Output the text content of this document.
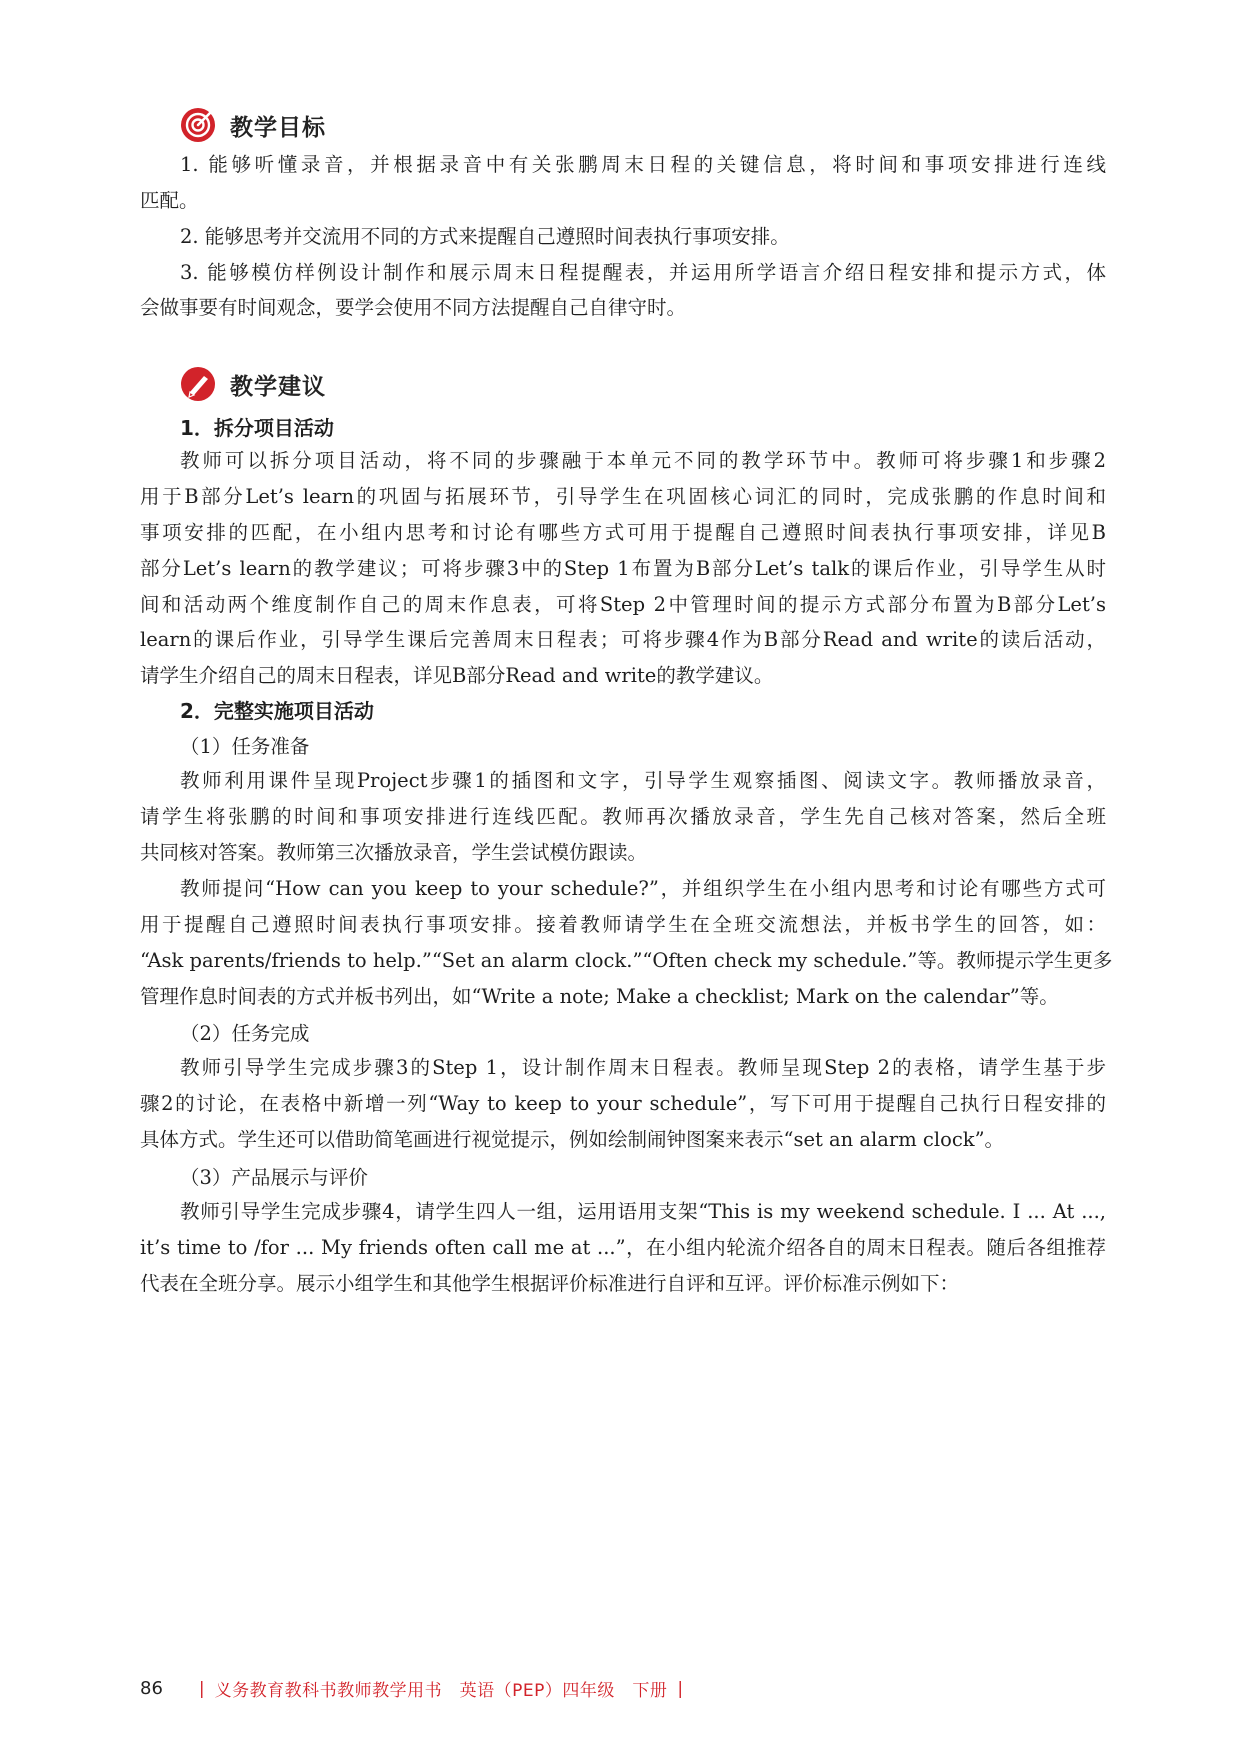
教学目标
1. 能够听懂录音，并根据录音中有关张鹏周末日程的关键信息，将时间和事项安排进行连线
匹配。
2. 能够思考并交流用不同的方式来提醒自己遵照时间表执行事项安排。
3. 能够模仿样例设计制作和展示周末日程提醒表，并运用所学语言介绍日程安排和提示方式，体
会做事要有时间观念，要学会使用不同方法提醒自己自律守时。
教学建议
1．拆分项目活动
教师可以拆分项目活动，将不同的步骤融于本单元不同的教学环节中。教师可将步骤1和步骤2
用于B部分Let’s learn的巩固与拓展环节，引导学生在巩固核心词汇的同时，完成张鹏的作息时间和
事项安排的匹配，在小组内思考和讨论有哪些方式可用于提醒自己遵照时间表执行事项安排，详见B
部分Let’s learn的教学建议；可将步骤3中的Step 1布置为B部分Let’s talk的课后作业，引导学生从时
间和活动两个维度制作自己的周末作息表，可将Step 2中管理时间的提示方式部分布置为B部分Let’s
learn的课后作业，引导学生课后完善周末日程表；可将步骤4作为B部分Read and write的读后活动，
请学生介绍自己的周末日程表，详见B部分Read and write的教学建议。
2．完整实施项目活动
（1）任务准备
教师利用课件呈现Project步骤1的插图和文字，引导学生观察插图、阅读文字。教师播放录音，
请学生将张鹏的时间和事项安排进行连线匹配。教师再次播放录音，学生先自己核对答案，然后全班
共同核对答案。教师第三次播放录音，学生尝试模仿跟读。
教师提问“How can you keep to your schedule?”，并组织学生在小组内思考和讨论有哪些方式可
用于提醒自己遵照时间表执行事项安排。接着教师请学生在全班交流想法，并板书学生的回答，如：
“Ask parents/friends to help.”“Set an alarm clock.”“Often check my schedule.”等。教师提示学生更多
管理作息时间表的方式并板书列出，如“Write a note; Make a checklist; Mark on the calendar”等。
（2）任务完成
教师引导学生完成步骤3的Step 1，设计制作周末日程表。教师呈现Step 2的表格，请学生基于步
骤2的讨论，在表格中新增一列“Way to keep to your schedule”，写下可用于提醒自己执行日程安排的
具体方式。学生还可以借助简笔画进行视觉提示，例如绘制闹钟图案来表示“set an alarm clock”。
（3）产品展示与评价
教师引导学生完成步骤4，请学生四人一组，运用语用支架“This is my weekend schedule. I ... At ...,
it’s time to /for ... My friends often call me at ...”，在小组内轮流介绍各自的周末日程表。随后各组推荐
代表在全班分享。展示小组学生和其他学生根据评价标准进行自评和互评。评价标准示例如下：
86 | 义务教育教科书教师教学用书　英语（PEP）四年级　下册 |
